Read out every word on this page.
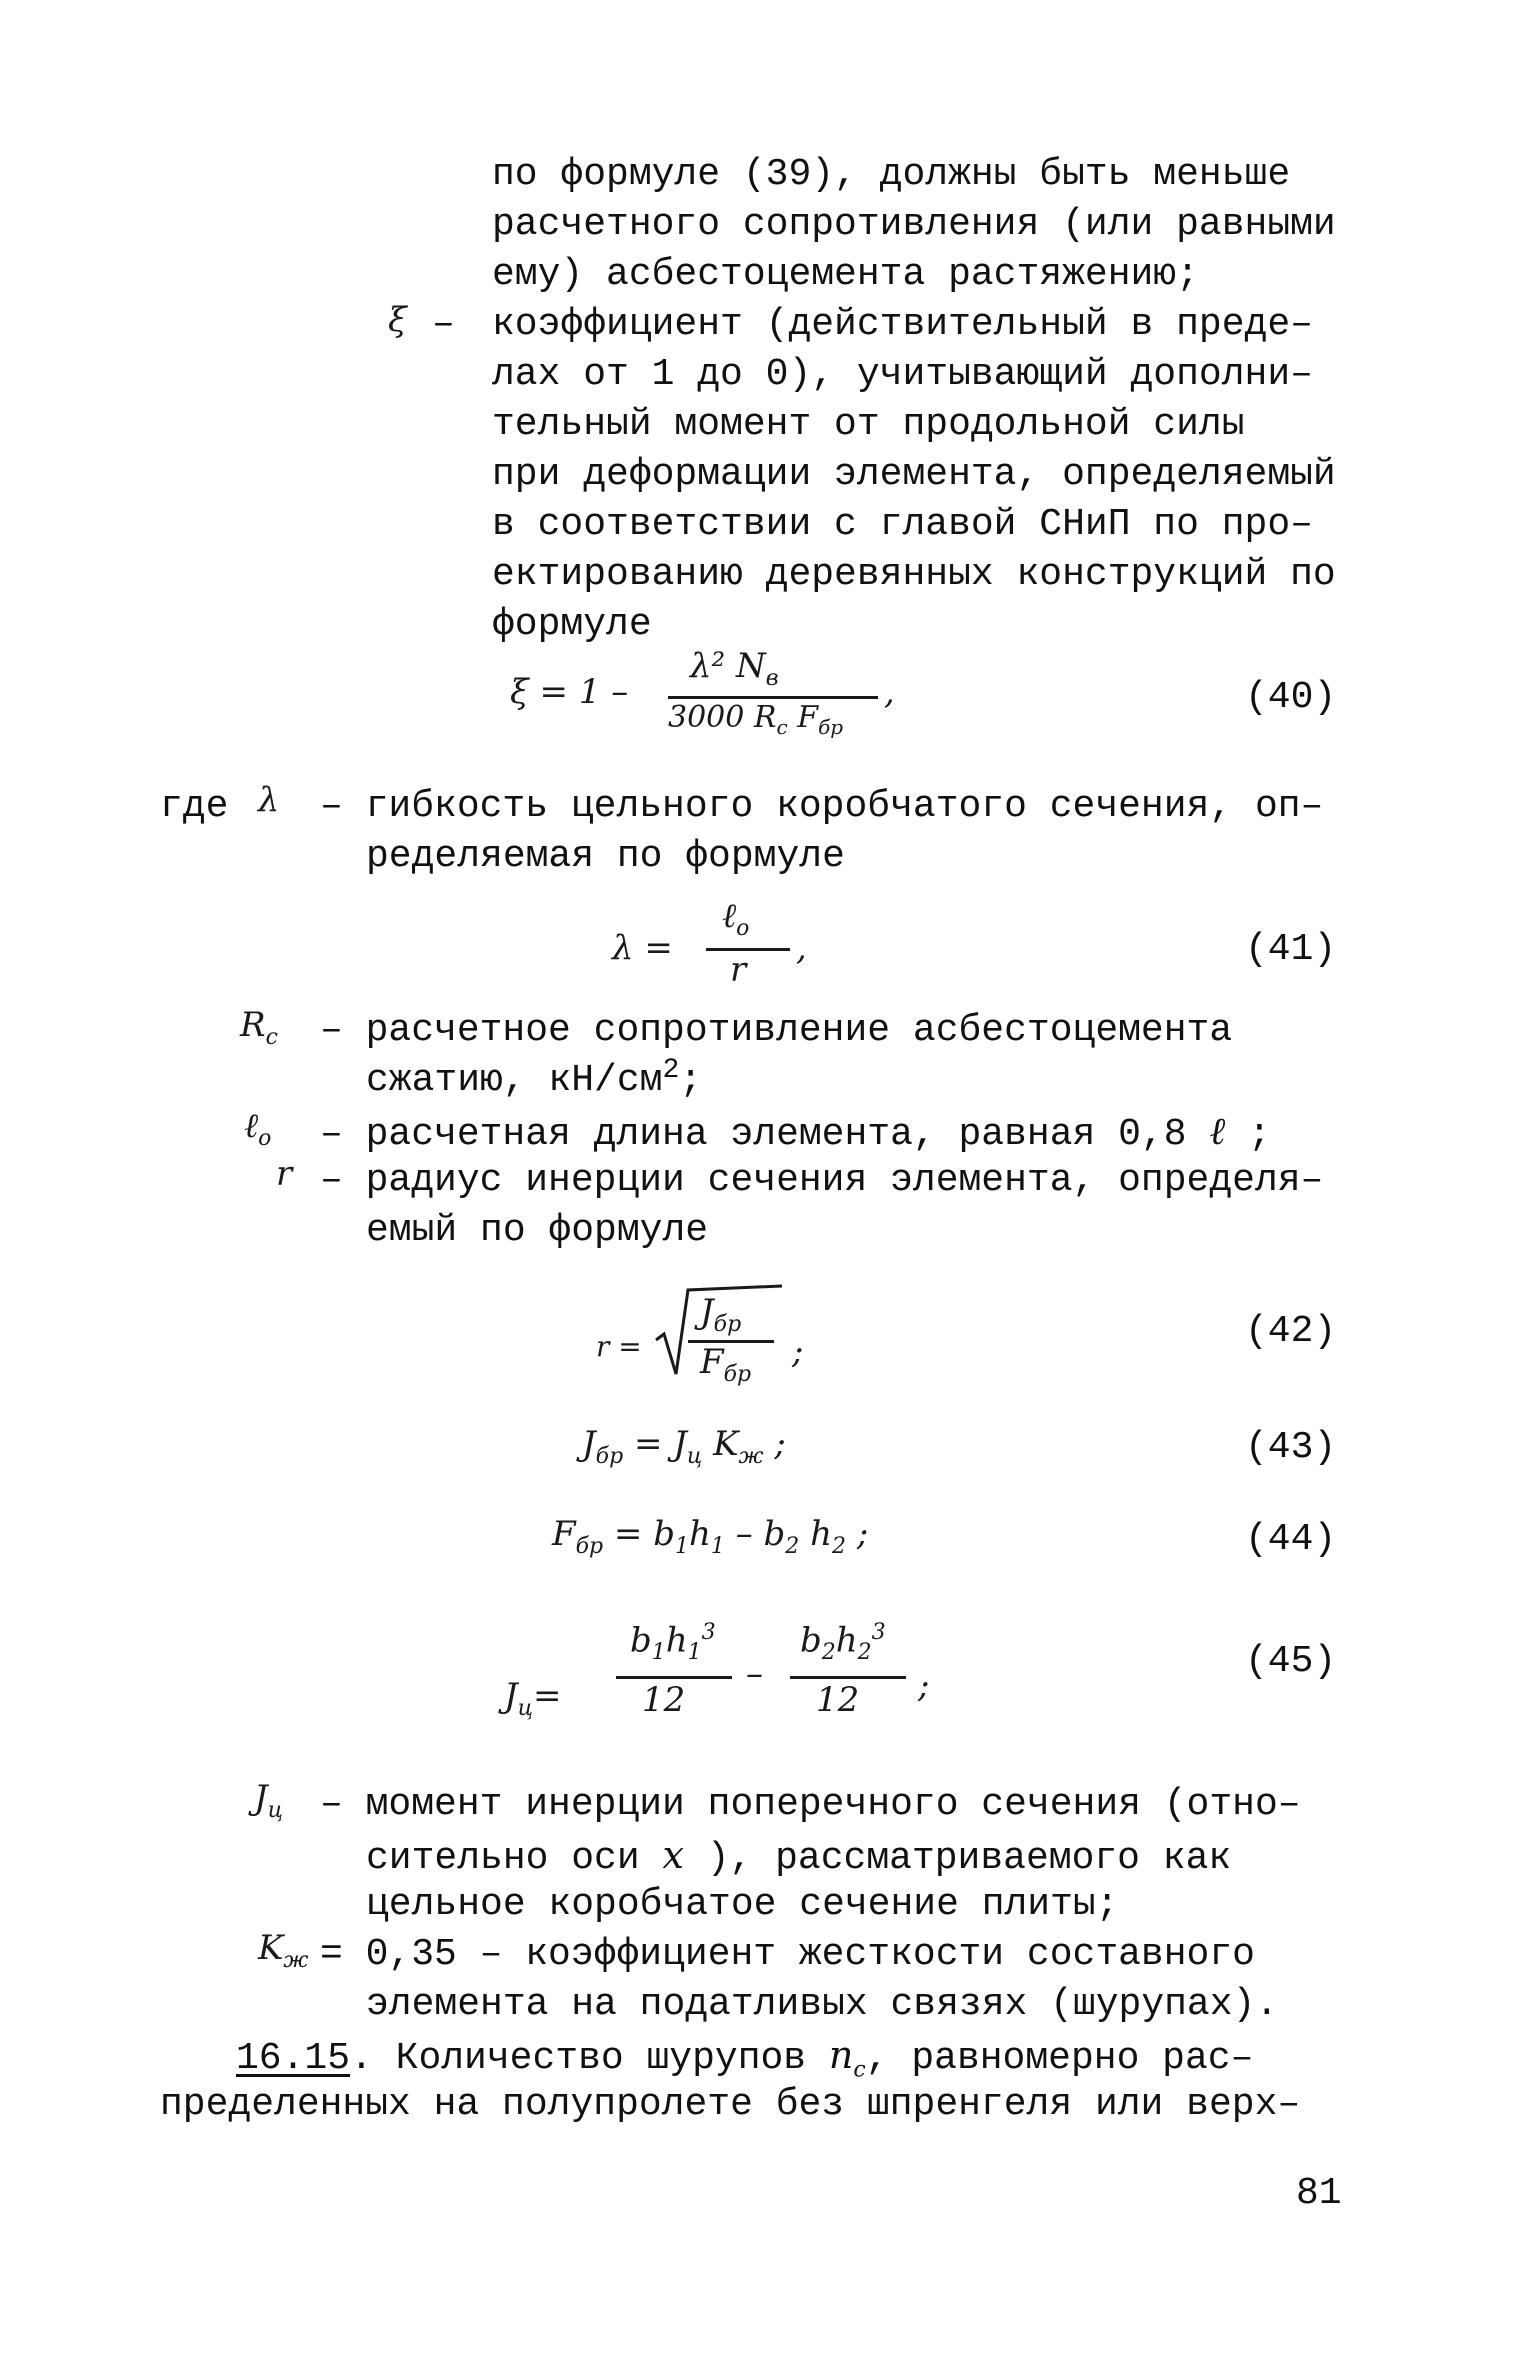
по формуле (39), должны быть меньше
расчетного сопротивления (или равными
ему) асбестоцемента растяжению;
ξ – коэффициент (действительный в преде–
лах от 1 до 0), учитывающий дополни–
тельный момент от продольной силы
при деформации элемента, определяемый
в соответствии с главой СНиП по про–
ектированию деревянных конструкций по
формуле
ξ = 1 –
λ² $N_в$
3000 $R_c$ $F_{бр}$
,	(40)
где λ – гибкость цельного коробчатого сечения, оп–
ределяемая по формуле
λ =
ℓ$_o$
r
,	(41)
$R_c$ – расчетное сопротивление асбестоцемента
сжатию, $кН/см^2$;
ℓ$_o$ – расчетная длина элемента, равная 0,8 ℓ ;
r – радиус инерции сечения элемента, определя–
емый по формуле
r =
$J_{бр}$
$F_{бр}$
;	(42)
$J_{бр} = J_ц$ $K_ж$ ;	(43)
$F_{бр} = b_1h_1 - b_2$ $h_2$ ;	(44)
$J_ц=$
$b_1h_1^3$
12
–
$b_2h_2^3$
12 ;
(45)
$J_ц$ – момент инерции поперечного сечения (отно–
сительно оси x ), рассматриваемого как
цельное коробчатое сечение плиты;
$K_ж = 0,35$ – коэффициент жесткости составного
элемента на податливых связях (шурупах).
16.15. Количество шурупов $n_c$, равномерно рас–
пределенных на полупролете без шпренгеля или верх–
81
